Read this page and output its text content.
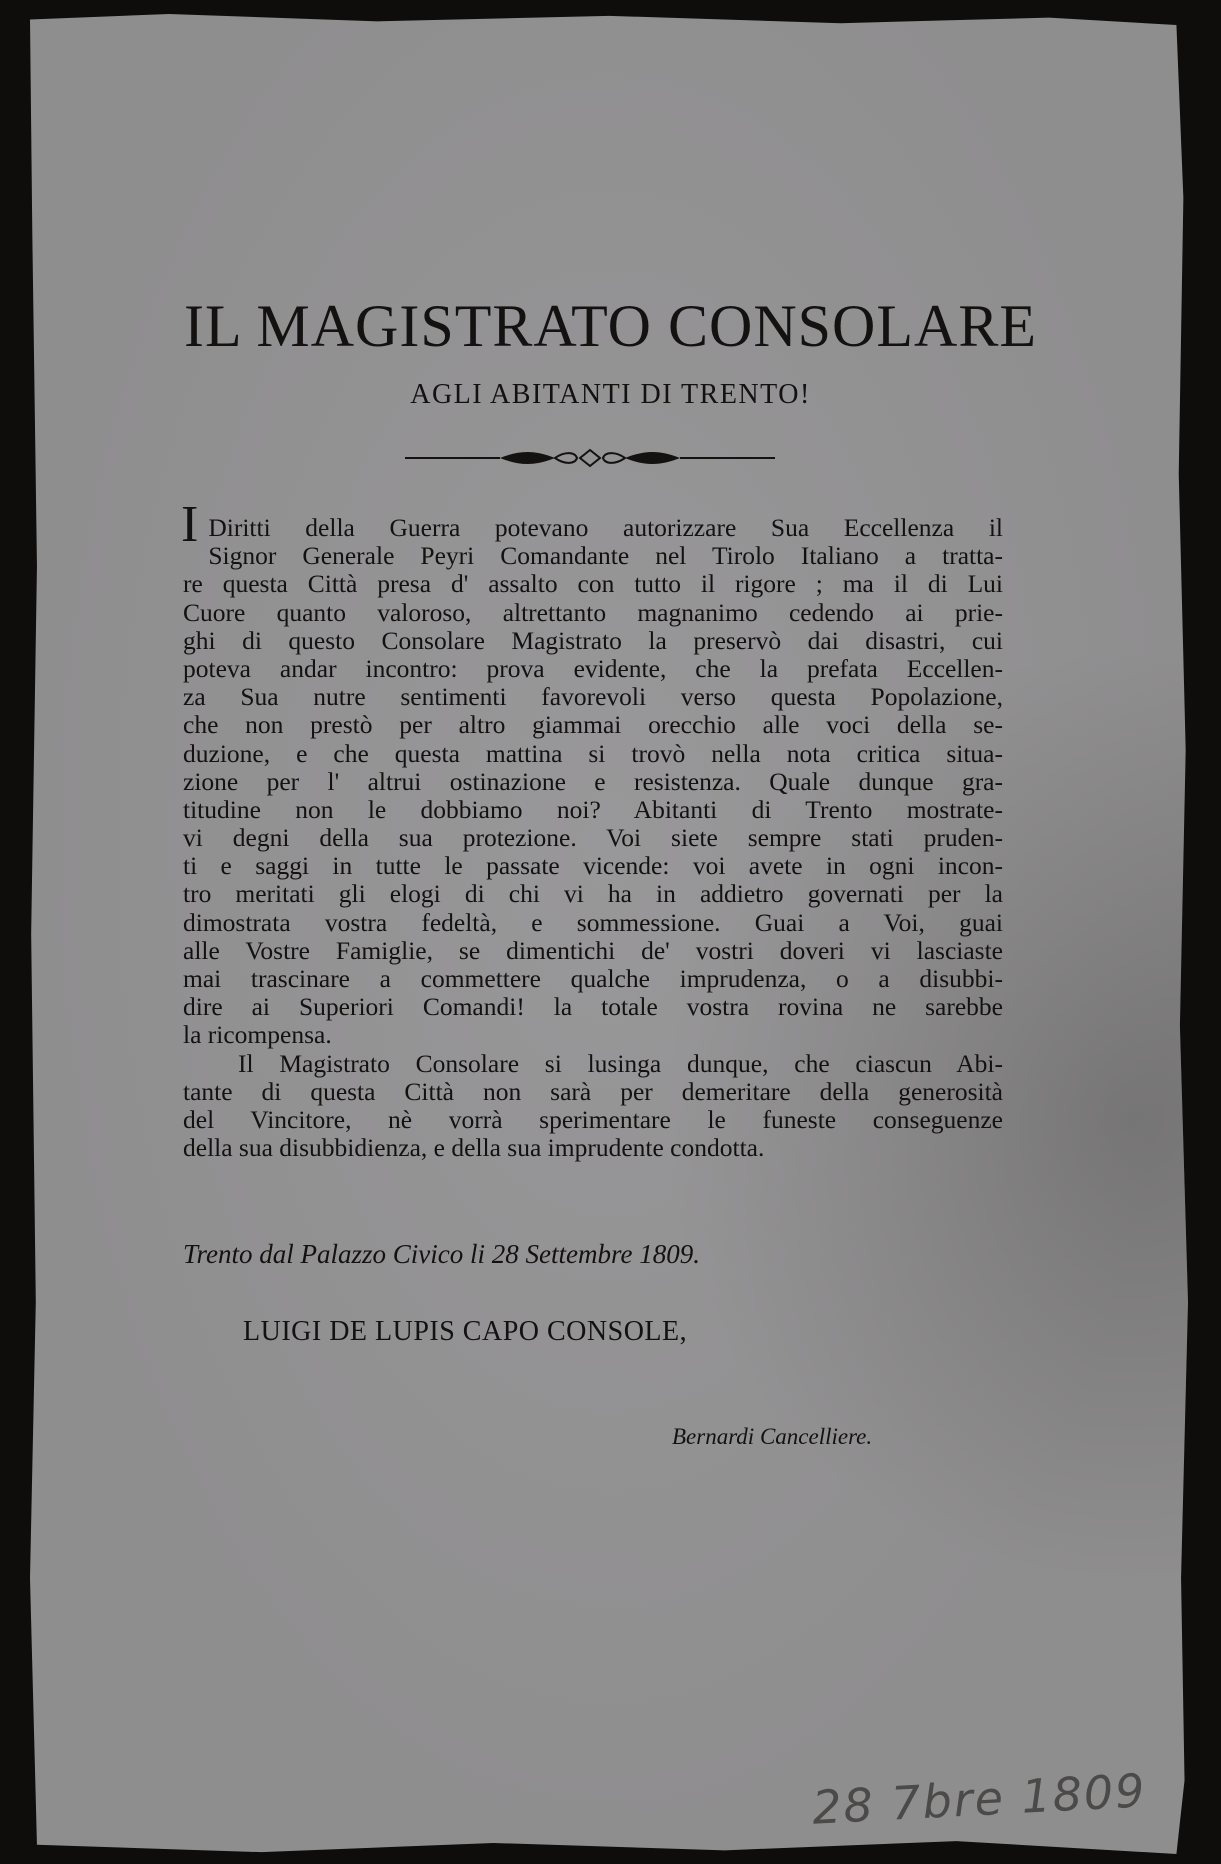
IL MAGISTRATO CONSOLARE
AGLI ABITANTI DI TRENTO!
I Diritti della Guerra potevano autorizzare Sua Eccellenza il
Signor Generale Peyri Comandante nel Tirolo Italiano a tratta-
re questa Città presa d' assalto con tutto il rigore ; ma il di Lui
Cuore quanto valoroso, altrettanto magnanimo cedendo ai prie-
ghi di questo Consolare Magistrato la preservò dai disastri, cui
poteva andar incontro: prova evidente, che la prefata Eccellen-
za Sua nutre sentimenti favorevoli verso questa Popolazione,
che non prestò per altro giammai orecchio alle voci della se-
duzione, e che questa mattina si trovò nella nota critica situa-
zione per l' altrui ostinazione e resistenza. Quale dunque gra-
titudine non le dobbiamo noi? Abitanti di Trento mostrate-
vi degni della sua protezione. Voi siete sempre stati pruden-
ti e saggi in tutte le passate vicende: voi avete in ogni incon-
tro meritati gli elogi di chi vi ha in addietro governati per la
dimostrata vostra fedeltà, e sommessione. Guai a Voi, guai
alle Vostre Famiglie, se dimentichi de' vostri doveri vi lasciaste
mai trascinare a commettere qualche imprudenza, o a disubbi-
dire ai Superiori Comandi! la totale vostra rovina ne sarebbe
la ricompensa.
Il Magistrato Consolare si lusinga dunque, che ciascun Abi-
tante di questa Città non sarà per demeritare della generosità
del Vincitore, nè vorrà sperimentare le funeste conseguenze
della sua disubbidienza, e della sua imprudente condotta.
Trento dal Palazzo Civico li 28 Settembre 1809.
LUIGI DE LUPIS CAPO CONSOLE,
Bernardi Cancelliere.
28 7bre 1809
